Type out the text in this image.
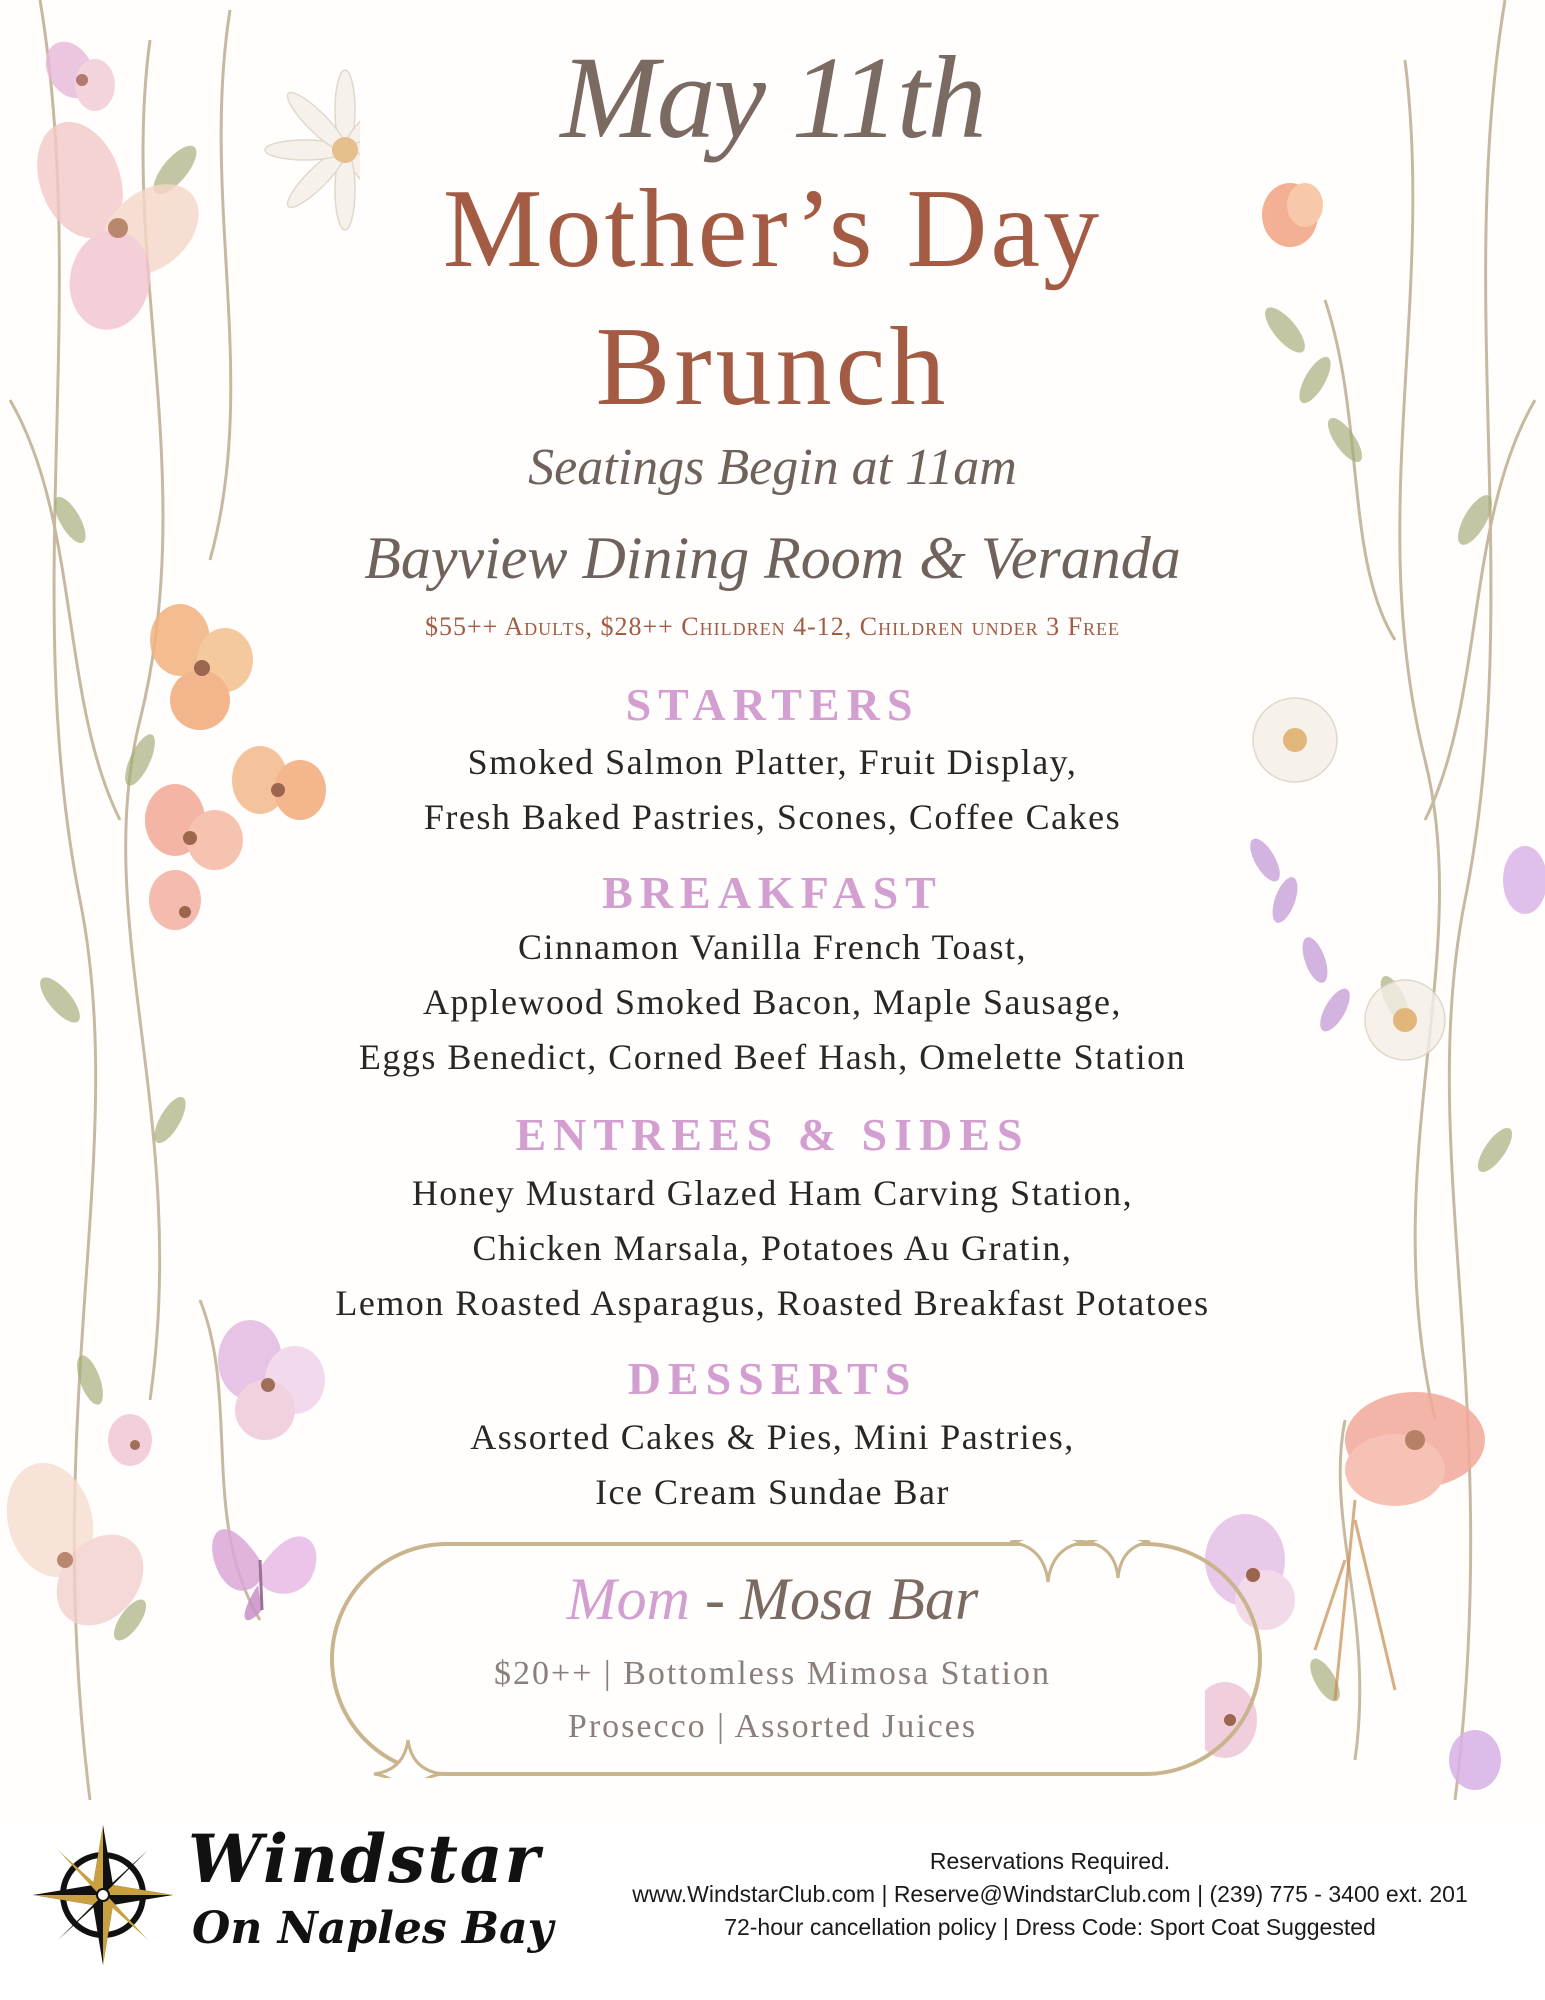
May 11th
Mother’s Day
Brunch
Seatings Begin at 11am
Bayview Dining Room & Veranda
$55++ Adults, $28++ Children 4-12, Children under 3 Free
STARTERS
Smoked Salmon Platter, Fruit Display,
Fresh Baked Pastries, Scones, Coffee Cakes
BREAKFAST
Cinnamon Vanilla French Toast,
Applewood Smoked Bacon, Maple Sausage,
Eggs Benedict, Corned Beef Hash, Omelette Station
ENTREES & SIDES
Honey Mustard Glazed Ham Carving Station,
Chicken Marsala, Potatoes Au Gratin,
Lemon Roasted Asparagus, Roasted Breakfast Potatoes
DESSERTS
Assorted Cakes & Pies, Mini Pastries,
Ice Cream Sundae Bar
Mom - Mosa Bar
$20++ | Bottomless Mimosa Station
Prosecco | Assorted Juices
Windstar
On Naples Bay
Reservations Required.
www.WindstarClub.com | Reserve@WindstarClub.com | (239) 775 - 3400 ext. 201
72-hour cancellation policy | Dress Code: Sport Coat Suggested
